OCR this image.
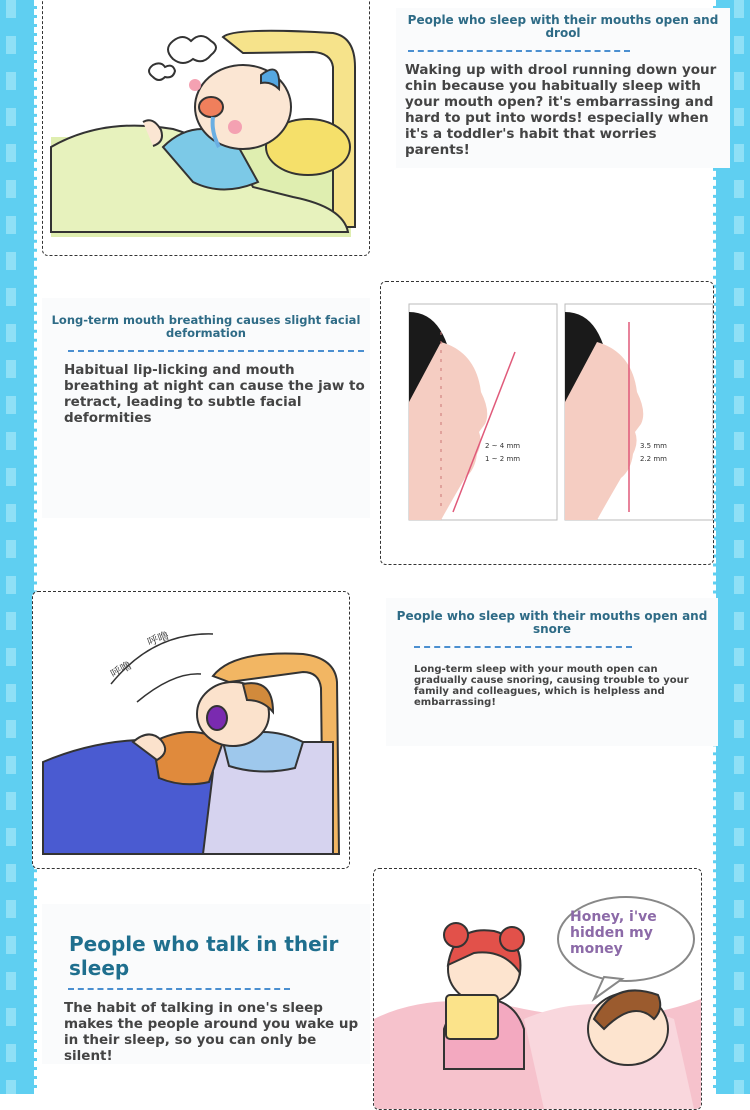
People who sleep with their mouths open and drool

Waking up with drool running down your chin because you habitually sleep with your mouth open? it's embarrassing and hard to put into words! especially when it's a toddler's habit that worries parents!

Long-term mouth breathing causes slight facial deformation

Habitual lip-licking and mouth breathing at night can cause the jaw to retract, leading to subtle facial deformities

2 ~ 4 mm
1 ~ 2 mm
3.5 mm
2.2 mm
呼噜
呼噜
People who sleep with their mouths open and snore

Long-term sleep with your mouth open can gradually cause snoring, causing trouble to your family and colleagues, which is helpless and embarrassing!

People who talk in their sleep

The habit of talking in one's sleep makes the people around you wake up in their sleep, so you can only be silent!

Honey, i've hidden my money
